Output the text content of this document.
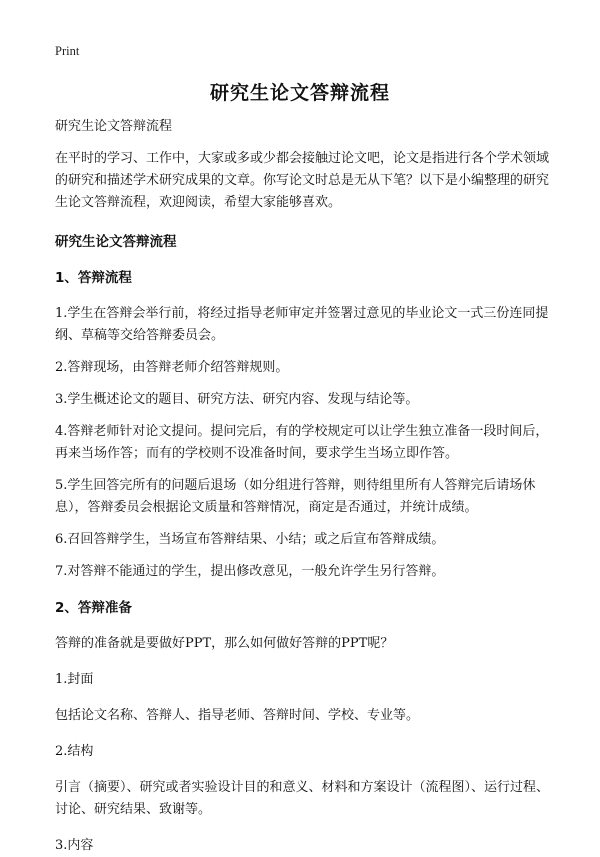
Print
研究生论文答辩流程

研究生论文答辩流程

在平时的学习、工作中，大家或多或少都会接触过论文吧，论文是指进行各个学术领域的研究和描述学术研究成果的文章。你写论文时总是无从下笔？以下是小编整理的研究生论文答辩流程，欢迎阅读，希望大家能够喜欢。

研究生论文答辩流程
1、答辩流程

1.学生在答辩会举行前，将经过指导老师审定并签署过意见的毕业论文一式三份连同提纲、草稿等交给答辩委员会。

2.答辩现场，由答辩老师介绍答辩规则。

3.学生概述论文的题目、研究方法、研究内容、发现与结论等。

4.答辩老师针对论文提问。提问完后，有的学校规定可以让学生独立准备一段时间后，再来当场作答；而有的学校则不设准备时间，要求学生当场立即作答。

5.学生回答完所有的问题后退场（如分组进行答辩，则待组里所有人答辩完后请场休息），答辩委员会根据论文质量和答辩情况，商定是否通过，并统计成绩。

6.召回答辩学生，当场宣布答辩结果、小结；或之后宣布答辩成绩。

7.对答辩不能通过的学生，提出修改意见，一般允许学生另行答辩。

2、答辩准备

答辩的准备就是要做好PPT，那么如何做好答辩的PPT呢？

1.封面

包括论文名称、答辩人、指导老师、答辩时间、学校、专业等。

2.结构

引言（摘要）、研究或者实验设计目的和意义、材料和方案设计（流程图）、运行过程、讨论、研究结果、致谢等。

3.内容
